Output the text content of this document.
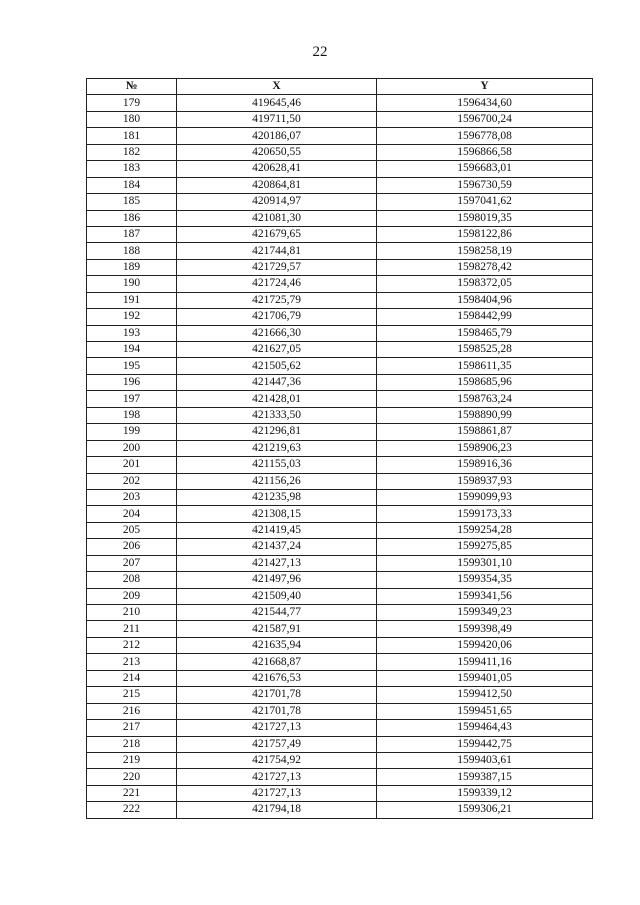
22
№	X	Y
179	419645,46	1596434,60
180	419711,50	1596700,24
181	420186,07	1596778,08
182	420650,55	1596866,58
183	420628,41	1596683,01
184	420864,81	1596730,59
185	420914,97	1597041,62
186	421081,30	1598019,35
187	421679,65	1598122,86
188	421744,81	1598258,19
189	421729,57	1598278,42
190	421724,46	1598372,05
191	421725,79	1598404,96
192	421706,79	1598442,99
193	421666,30	1598465,79
194	421627,05	1598525,28
195	421505,62	1598611,35
196	421447,36	1598685,96
197	421428,01	1598763,24
198	421333,50	1598890,99
199	421296,81	1598861,87
200	421219,63	1598906,23
201	421155,03	1598916,36
202	421156,26	1598937,93
203	421235,98	1599099,93
204	421308,15	1599173,33
205	421419,45	1599254,28
206	421437,24	1599275,85
207	421427,13	1599301,10
208	421497,96	1599354,35
209	421509,40	1599341,56
210	421544,77	1599349,23
211	421587,91	1599398,49
212	421635,94	1599420,06
213	421668,87	1599411,16
214	421676,53	1599401,05
215	421701,78	1599412,50
216	421701,78	1599451,65
217	421727,13	1599464,43
218	421757,49	1599442,75
219	421754,92	1599403,61
220	421727,13	1599387,15
221	421727,13	1599339,12
222	421794,18	1599306,21
